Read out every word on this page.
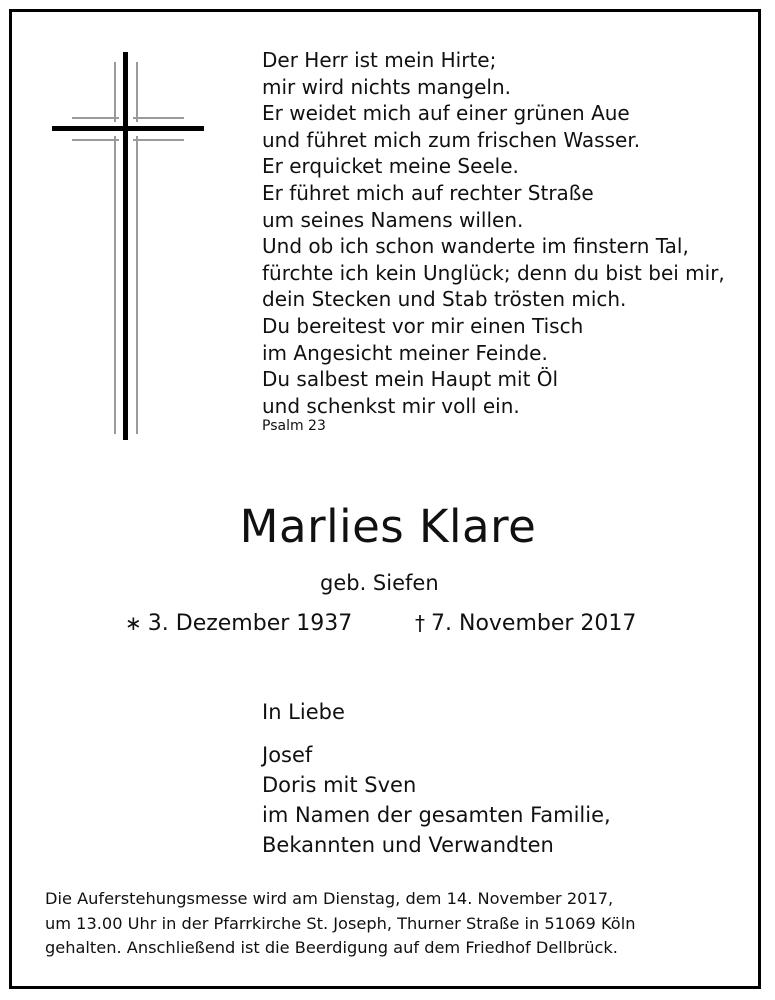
Der Herr ist mein Hirte;
mir wird nichts mangeln.
Er weidet mich auf einer grünen Aue
und führet mich zum frischen Wasser.
Er erquicket meine Seele.
Er führet mich auf rechter Straße
um seines Namens willen.
Und ob ich schon wanderte im finstern Tal,
fürchte ich kein Unglück; denn du bist bei mir,
dein Stecken und Stab trösten mich.
Du bereitest vor mir einen Tisch
im Angesicht meiner Feinde.
Du salbest mein Haupt mit Öl
und schenkst mir voll ein.
Psalm 23
Marlies Klare
geb. Siefen
∗ 3. Dezember 1937	† 7. November 2017
In Liebe
Josef
Doris mit Sven
im Namen der gesamten Familie,
Bekannten und Verwandten
Die Auferstehungsmesse wird am Dienstag, dem 14. November 2017,
um 13.00 Uhr in der Pfarrkirche St. Joseph, Thurner Straße in 51069 Köln
gehalten. Anschließend ist die Beerdigung auf dem Friedhof Dellbrück.
